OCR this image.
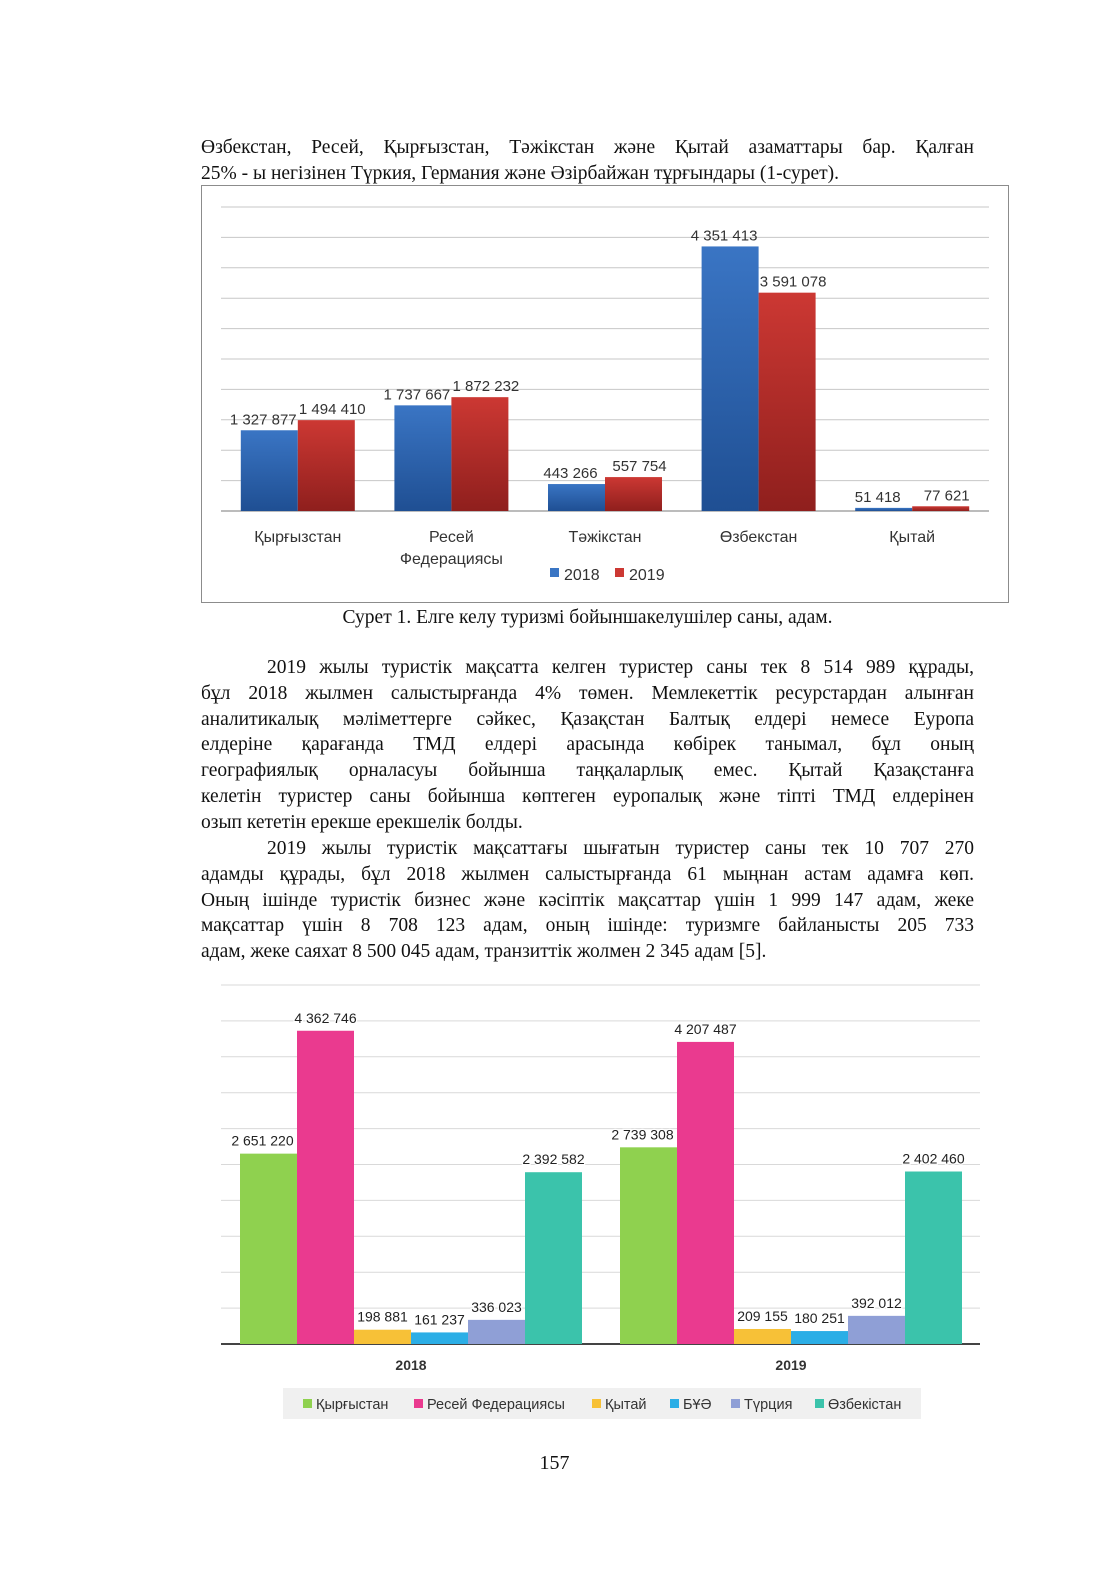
Өзбекстан, Ресей, Қырғызстан, Тәжікстан және Қытай азаматтары бар. Қалған
25% - ы негізінен Түркия, Германия және Әзірбайжан тұрғындары (1-сурет).
1 327 877
1 494 410
Қырғызстан
1 737 667 1 872 232
Ресей
Федерациясы
443 266 557 754
Тәжікстан
4 351 413
3 591 078
Өзбекстан
51 418 77 621
Қытай
2018 2019
Сурет 1. Елге келу туризмі бойыншакелушілер саны, адам.
2019 жылы туристік мақсатта келген туристер саны тек 8 514 989 құрады,
бұл 2018 жылмен салыстырғанда 4% төмен. Мемлекеттік ресурстардан алынған
аналитикалық мәліметтерге сәйкес, Қазақстан Балтық елдері немесе Еуропа
елдеріне қарағанда ТМД елдері арасында көбірек танымал, бұл оның
географиялық орналасуы бойынша таңқаларлық емес. Қытай Қазақстанға
келетін туристер саны бойынша көптеген еуропалық және тіпті ТМД елдерінен
озып кететін ерекше ерекшелік болды.
2019 жылы туристік мақсаттағы шығатын туристер саны тек 10 707 270
адамды құрады, бұл 2018 жылмен салыстырғанда 61 мыңнан астам адамға көп.
Оның ішінде туристік бизнес және кәсіптік мақсаттар үшін 1 999 147 адам, жеке
мақсаттар үшін 8 708 123 адам, оның ішінде: туризмге байланысты 205 733
адам, жеке саяхат 8 500 045 адам, транзиттік жолмен 2 345 адам [5].
2 651 220
4 362 746
198 881 161 237
336 023
2 392 582
2018
2 739 308
4 207 487
209 155 180 251
392 012
2 402 460
2019
Қырғыстан	Ресей Федерациясы	Қытай	БҰӘ Түрция Өзбекістан
157
